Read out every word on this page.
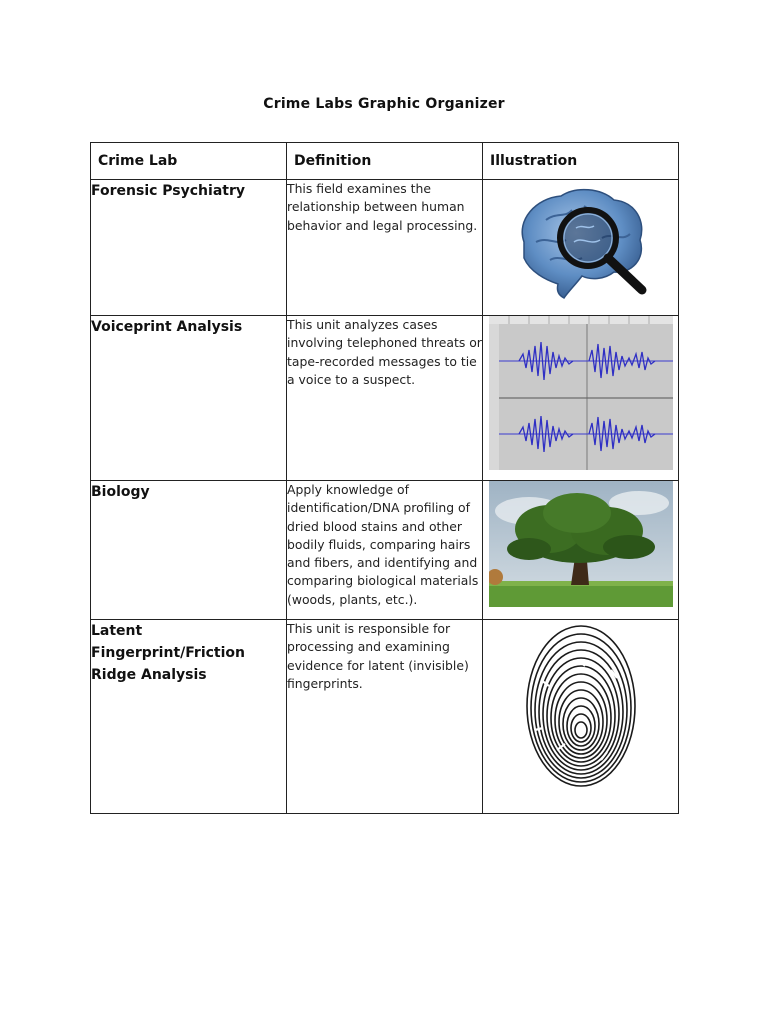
Crime Labs Graphic Organizer
Crime Lab	Definition	Illustration
Forensic Psychiatry	This field examines the relationship between human behavior and legal processing.	

Voiceprint Analysis	This unit analyzes cases involving telephoned threats or tape-recorded messages to tie a voice to a suspect.	

Biology	Apply knowledge of identification/DNA profiling of dried blood stains and other bodily fluids, comparing hairs and fibers, and identifying and comparing biological materials (woods, plants, etc.).	

Latent Fingerprint/Friction Ridge Analysis	This unit is responsible for processing and examining evidence for latent (invisible) fingerprints.	
